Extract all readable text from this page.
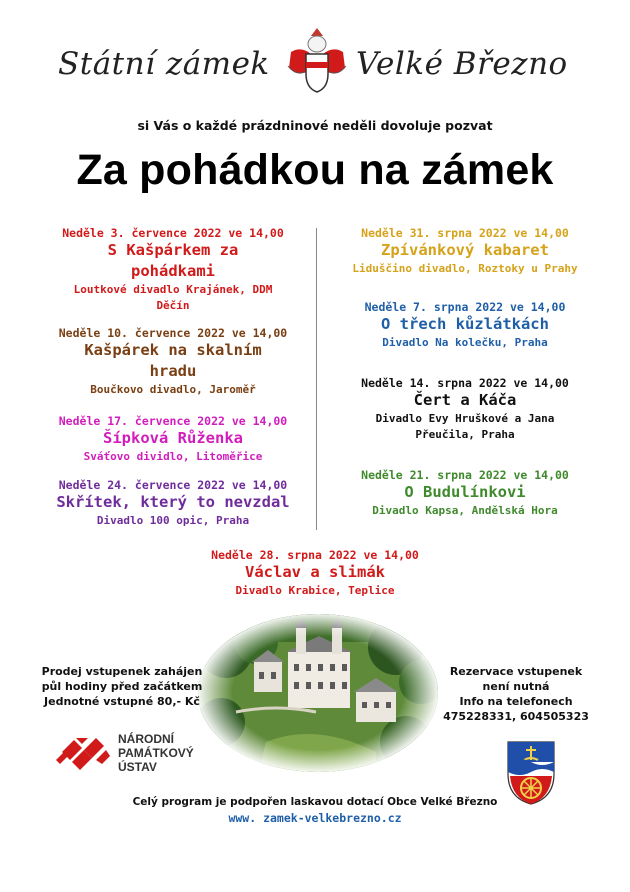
Státní zámek	Velké Březno
si Vás o každé prázdninové neděli dovoluje pozvat
Za pohádkou na zámek
Neděle 3. července 2022 ve 14,00
S Kašpárkem za pohádkami
Loutkové divadlo Krajánek, DDM Děčín
Neděle 10. července 2022 ve 14,00
Kašpárek na skalním hradu
Boučkovo divadlo, Jaroměř
Neděle 17. července 2022 ve 14,00
Šípková Růženka
Sváťovo dividlo, Litoměřice
Neděle 24. července 2022 ve 14,00
Skřítek, který to nevzdal
Divadlo 100 opic, Praha
Neděle 31. srpna 2022 ve 14,00
Zpívánkový kabaret
Liduščino divadlo, Roztoky u Prahy
Neděle 7. srpna 2022 ve 14,00
O třech kůzlátkách
Divadlo Na kolečku, Praha
Neděle 14. srpna 2022 ve 14,00
Čert a Káča
Divadlo Evy Hruškové a Jana Přeučila, Praha
Neděle 21. srpna 2022 ve 14,00
O Budulínkovi
Divadlo Kapsa, Andělská Hora
Neděle 28. srpna 2022 ve 14,00
Václav a slimák
Divadlo Krabice, Teplice
Prodej vstupenek zahájen
půl hodiny před začátkem
Jednotné vstupné 80,- Kč
Rezervace vstupenek
není nutná
Info na telefonech
475228331, 604505323
NÁRODNÍ
PAMÁTKOVÝ
ÚSTAV
Celý program je podpořen laskavou dotací Obce Velké Březno
www. zamek-velkebrezno.cz
